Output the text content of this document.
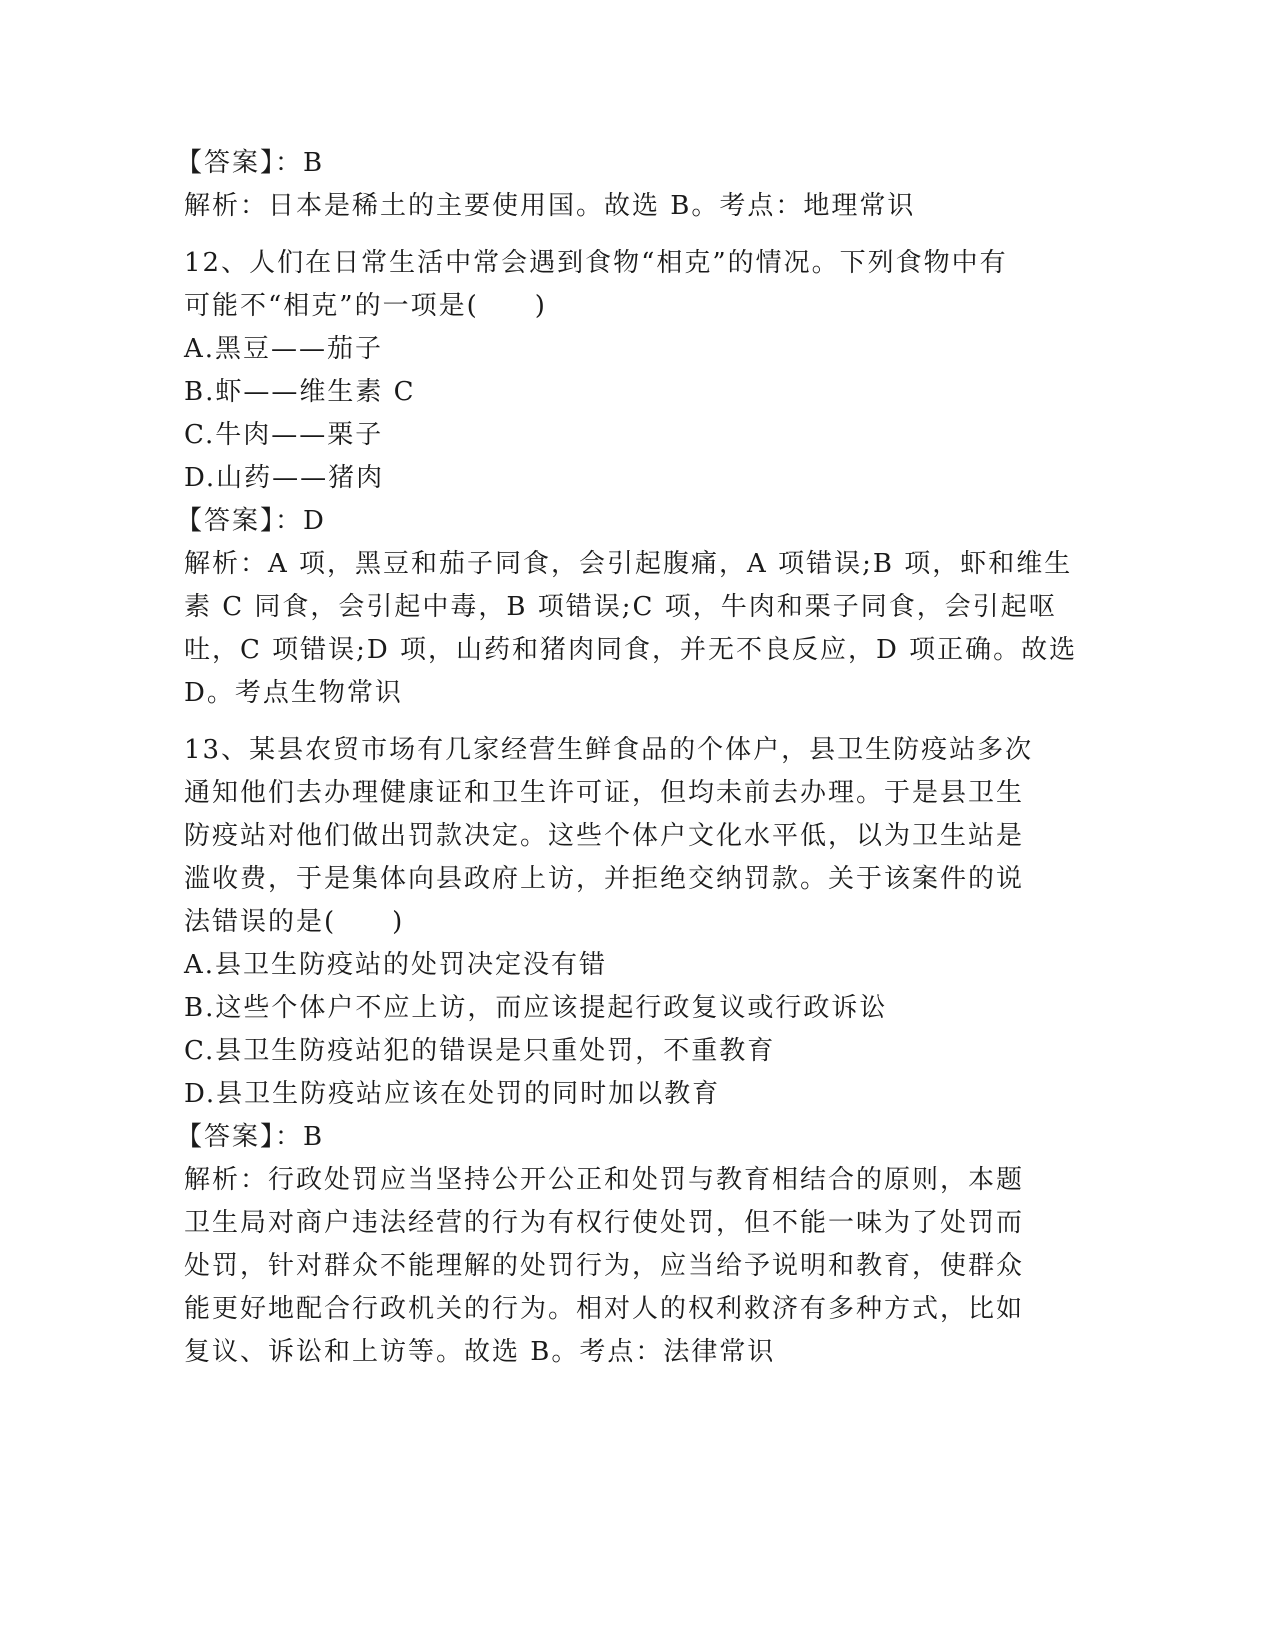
【答案】：B
解析：日本是稀土的主要使用国。故选 B。考点：地理常识
12、人们在日常生活中常会遇到食物“相克”的情况。下列食物中有
可能不“相克”的一项是(　　)
A.黑豆——茄子
B.虾——维生素 C
C.牛肉——栗子
D.山药——猪肉
【答案】：D
解析：A 项，黑豆和茄子同食，会引起腹痛，A 项错误;B 项，虾和维生
素 C 同食，会引起中毒，B 项错误;C 项，牛肉和栗子同食，会引起呕
吐，C 项错误;D 项，山药和猪肉同食，并无不良反应，D 项正确。故选
D。考点生物常识
13、某县农贸市场有几家经营生鲜食品的个体户，县卫生防疫站多次
通知他们去办理健康证和卫生许可证，但均未前去办理。于是县卫生
防疫站对他们做出罚款决定。这些个体户文化水平低，以为卫生站是
滥收费，于是集体向县政府上访，并拒绝交纳罚款。关于该案件的说
法错误的是(　　)
A.县卫生防疫站的处罚决定没有错
B.这些个体户不应上访，而应该提起行政复议或行政诉讼
C.县卫生防疫站犯的错误是只重处罚，不重教育
D.县卫生防疫站应该在处罚的同时加以教育
【答案】：B
解析：行政处罚应当坚持公开公正和处罚与教育相结合的原则，本题
卫生局对商户违法经营的行为有权行使处罚，但不能一味为了处罚而
处罚，针对群众不能理解的处罚行为，应当给予说明和教育，使群众
能更好地配合行政机关的行为。相对人的权利救济有多种方式，比如
复议、诉讼和上访等。故选 B。考点：法律常识
